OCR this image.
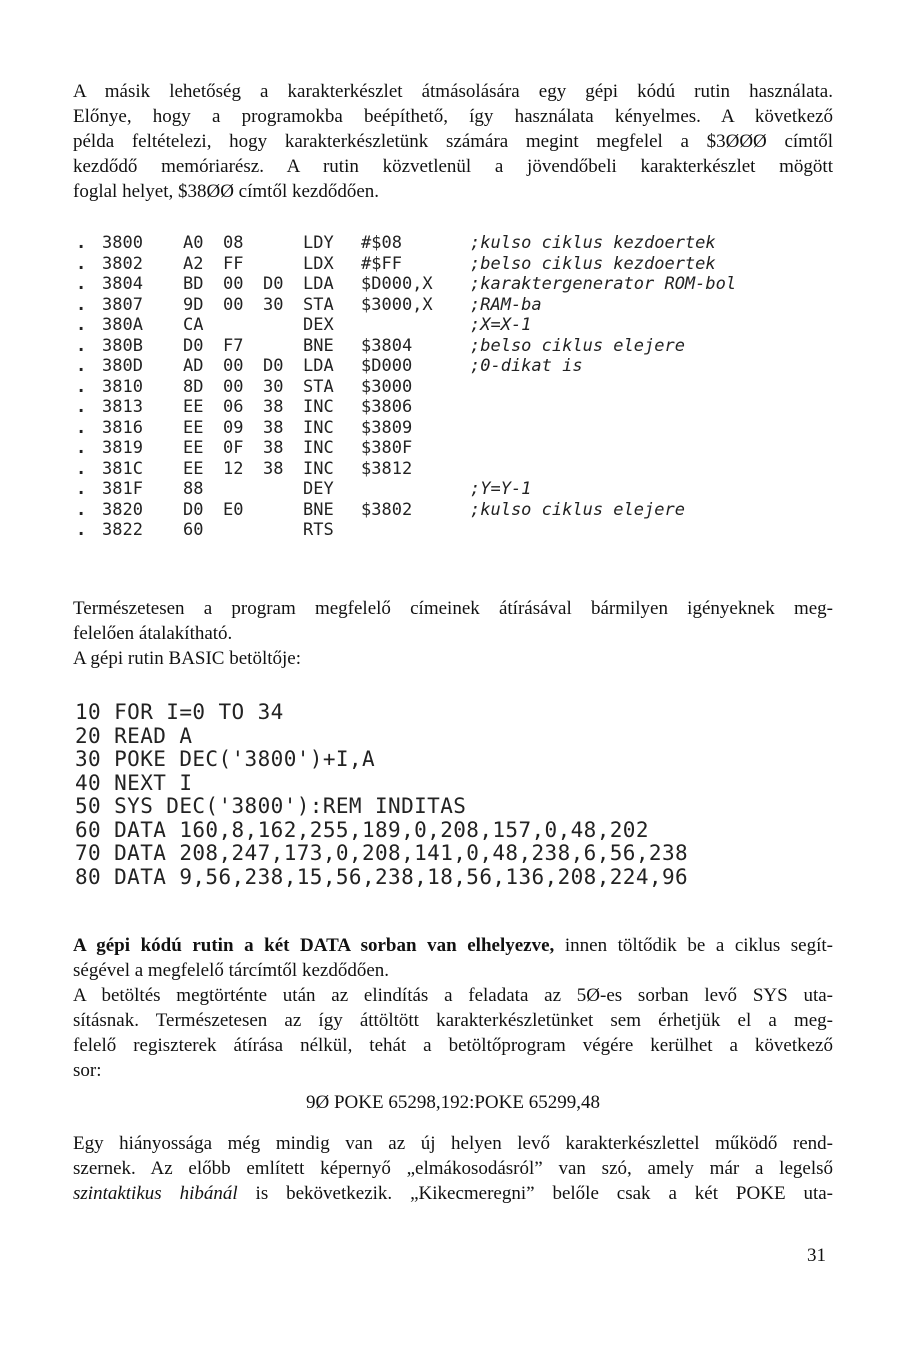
A másik lehetőség a karakterkészlet átmásolására egy gépi kódú rutin használata.
Előnye, hogy a programokba beépíthető, így használata kényelmes. A következő
példa feltételezi, hogy karakterkészletünk számára megint megfelel a $3ØØØ címtől
kezdődő memóriarész. A rutin közvetlenül a jövendőbeli karakterkészlet mögött
foglal helyet, $38ØØ címtől kezdődően.
. 3800 A0 08	LDY #$08	;kulso ciklus kezdoertek
. 3802 A2 FF	LDX #$FF	;belso ciklus kezdoertek
. 3804 BD 00 D0 LDA $D000,X ;karaktergenerator ROM-bol
. 3807 9D 00 30 STA $3000,X ;RAM-ba
. 380A CA	DEX	;X=X-1
. 380B D0 F7	BNE $3804	;belso ciklus elejere
. 380D AD 00 D0 LDA $D000	;0-dikat is
. 3810 8D 00 30 STA $3000
. 3813 EE 06 38 INC $3806
. 3816 EE 09 38 INC $3809
. 3819 EE 0F 38 INC $380F
. 381C EE 12 38 INC $3812
. 381F 88	DEY	;Y=Y-1
. 3820 D0 E0	BNE $3802	;kulso ciklus elejere
. 3822 60	RTS
Természetesen a program megfelelő címeinek átírásával bármilyen igényeknek meg-
felelően átalakítható.
A gépi rutin BASIC betöltője:
10 FOR I=0 TO 34
20 READ A
30 POKE DEC('3800')+I,A
40 NEXT I
50 SYS DEC('3800'):REM INDITAS
60 DATA 160,8,162,255,189,0,208,157,0,48,202
70 DATA 208,247,173,0,208,141,0,48,238,6,56,238
80 DATA 9,56,238,15,56,238,18,56,136,208,224,96
A gépi kódú rutin a két DATA sorban van elhelyezve, innen töltődik be a ciklus segít-
ségével a megfelelő tárcímtől kezdődően.
A betöltés megtörténte után az elindítás a feladata az 5Ø-es sorban levő SYS uta-
sításnak. Természetesen az így áttöltött karakterkészletünket sem érhetjük el a meg-
felelő regiszterek átírása nélkül, tehát a betöltőprogram végére kerülhet a következő
sor:
9Ø POKE 65298,192:POKE 65299,48
Egy hiányossága még mindig van az új helyen levő karakterkészlettel működő rend-
szernek. Az előbb említett képernyő „elmákosodásról” van szó, amely már a legelső
szintaktikus hibánál is bekövetkezik. „Kikecmeregni” belőle csak a két POKE uta-
31
